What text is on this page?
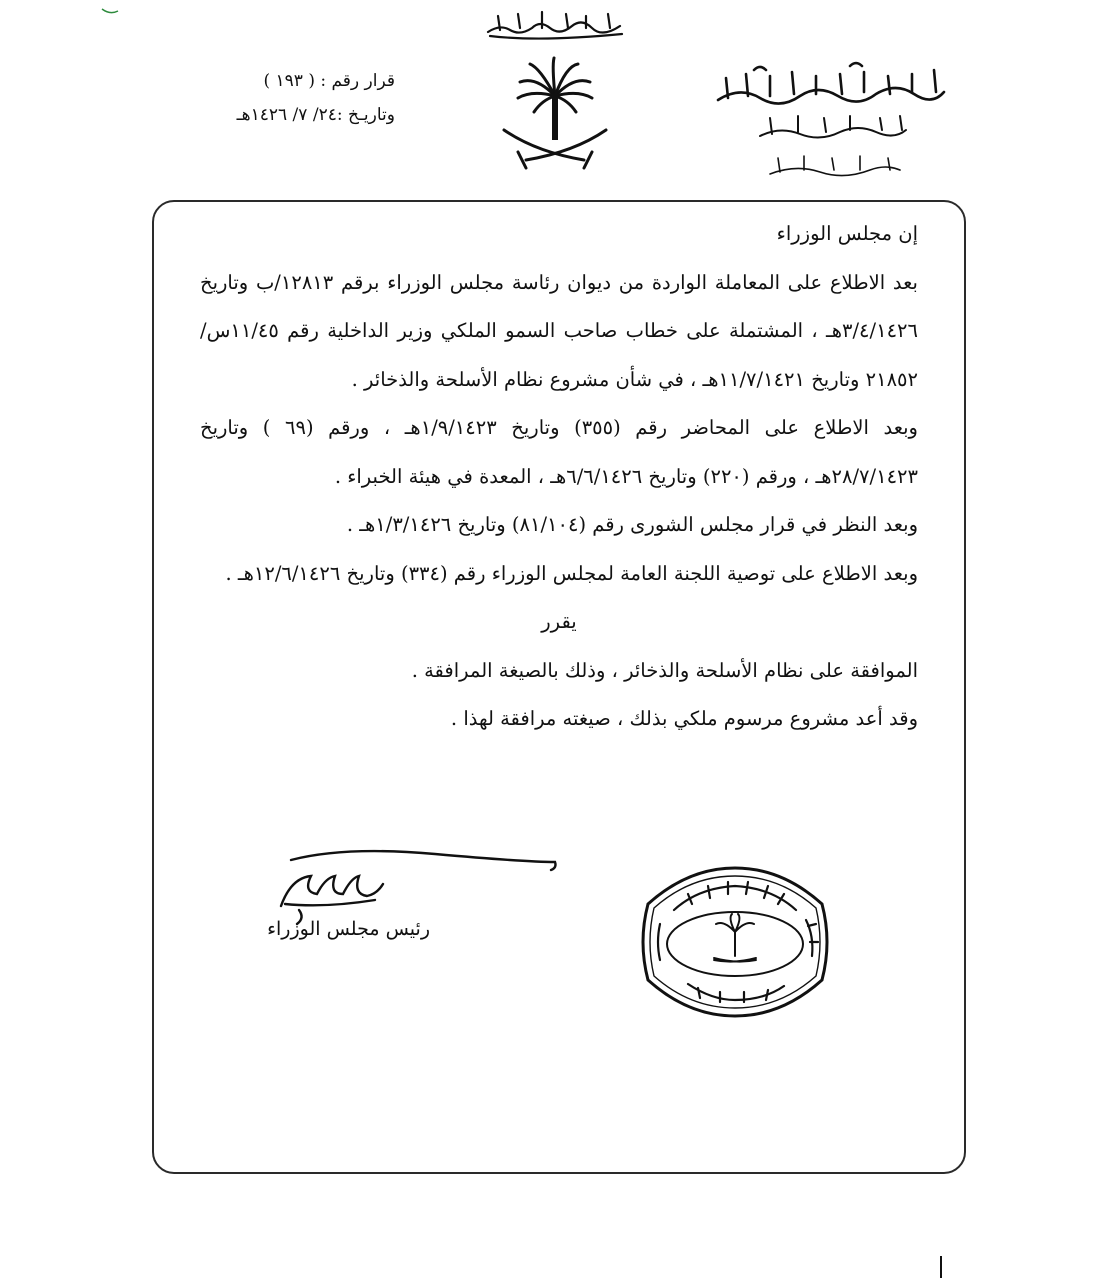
قرار رقم : ( ١٩٣ )
وتاريـخ :٢٤/ ٧/ ١٤٢٦هـ

إن مجلس الوزراء

بعد الاطلاع على المعاملة الواردة من ديوان رئاسة مجلس الوزراء برقم ١٢٨١٣/ب وتاريخ ٣/٤/١٤٢٦هـ ، المشتملة على خطاب صاحب السمو الملكي وزير الداخلية رقم ١١/٤٥س/٢١٨٥٢ وتاريخ ١١/٧/١٤٢١هـ ، في شأن مشروع نظام الأسلحة والذخائر .

وبعد الاطلاع على المحاضر رقم (٣٥٥) وتاريخ ١/٩/١٤٢٣هـ ، ورقم (٦٩ ) وتاريخ ٢٨/٧/١٤٢٣هـ ، ورقم (٢٢٠) وتاريخ ٦/٦/١٤٢٦هـ ، المعدة في هيئة الخبراء .

وبعد النظر في قرار مجلس الشورى رقم (٨١/١٠٤) وتاريخ ١/٣/١٤٢٦هـ .

وبعد الاطلاع على توصية اللجنة العامة لمجلس الوزراء رقم (٣٣٤) وتاريخ ١٢/٦/١٤٢٦هـ .

يقرر

الموافقة على نظام الأسلحة والذخائر ، وذلك بالصيغة المرافقة .

وقد أعد مشروع مرسوم ملكي بذلك ، صيغته مرافقة لهذا .

رئيس مجلس الوزراء
